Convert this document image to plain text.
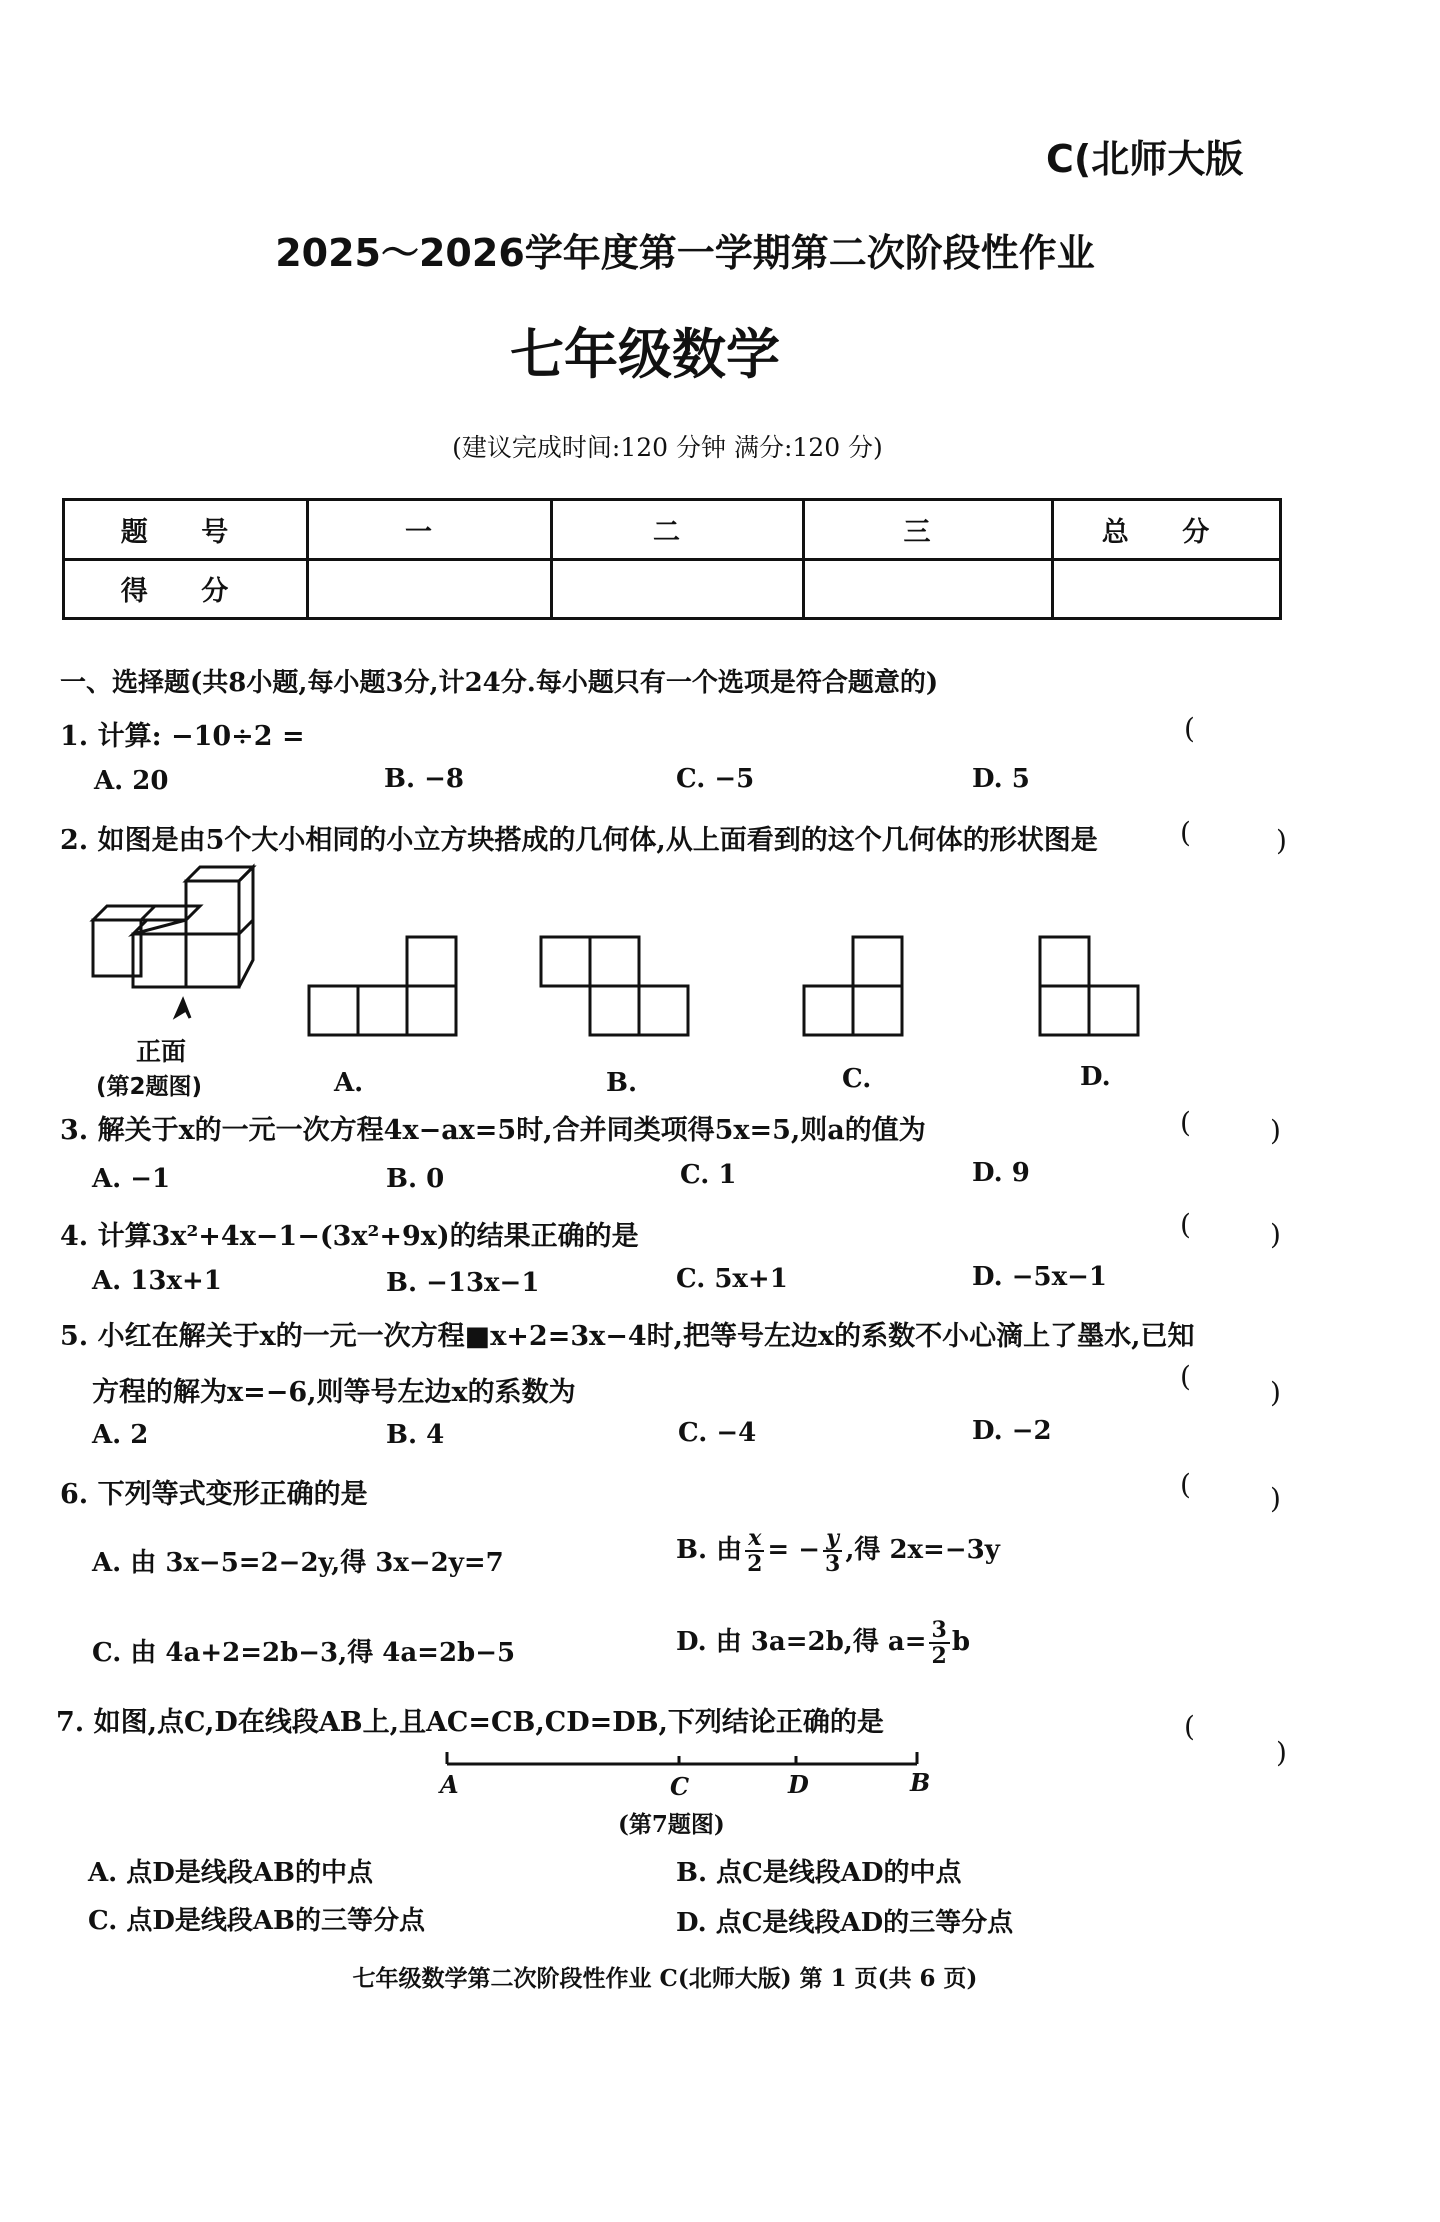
C(北师大版
2025～2026学年度第一学期第二次阶段性作业
七年级数学
(建议完成时间:120 分钟 满分:120 分)
题 号	一	二	三	总 分
得 分				
一、选择题(共8小题,每小题3分,计24分.每小题只有一个选项是符合题意的)
1. 计算: −10÷2 =	(
A. 20	B. −8	C. −5	D. 5
2. 如图是由5个大小相同的小立方块搭成的几何体,从上面看到的这个几何体的形状图是	(	)
正面
(第2题图)	A.	B.	C.	D.
3. 解关于x的一元一次方程4x−ax=5时,合并同类项得5x=5,则a的值为	(	)
A. −1	B. 0	C. 1	D. 9
4. 计算3x²+4x−1−(3x²+9x)的结果正确的是	(	)
A. 13x+1	B. −13x−1	C. 5x+1	D. −5x−1
5. 小红在解关于x的一元一次方程■x+2=3x−4时,把等号左边x的系数不小心滴上了墨水,已知
方程的解为x=−6,则等号左边x的系数为	(	)
A. 2	B. 4	C. −4	D. −2
6. 下列等式变形正确的是	(	)
A. 由 3x−5=2−2y,得 3x−2y=7	B. 由 $\frac{x}{2}$ = − $\frac{y}{3}$ ,得 2x=−3y
C. 由 4a+2=2b−3,得 4a=2b−5	D. 由 3a=2b,得 $a= \frac{3}{2}$ b
7. 如图,点C,D在线段AB上,且AC=CB,CD=DB,下列结论正确的是	(
)
A	C	D	B
(第7题图)
A. 点D是线段AB的中点	B. 点C是线段AD的中点
C. 点D是线段AB的三等分点	D. 点C是线段AD的三等分点
七年级数学第二次阶段性作业 C(北师大版) 第 1 页(共 6 页)
